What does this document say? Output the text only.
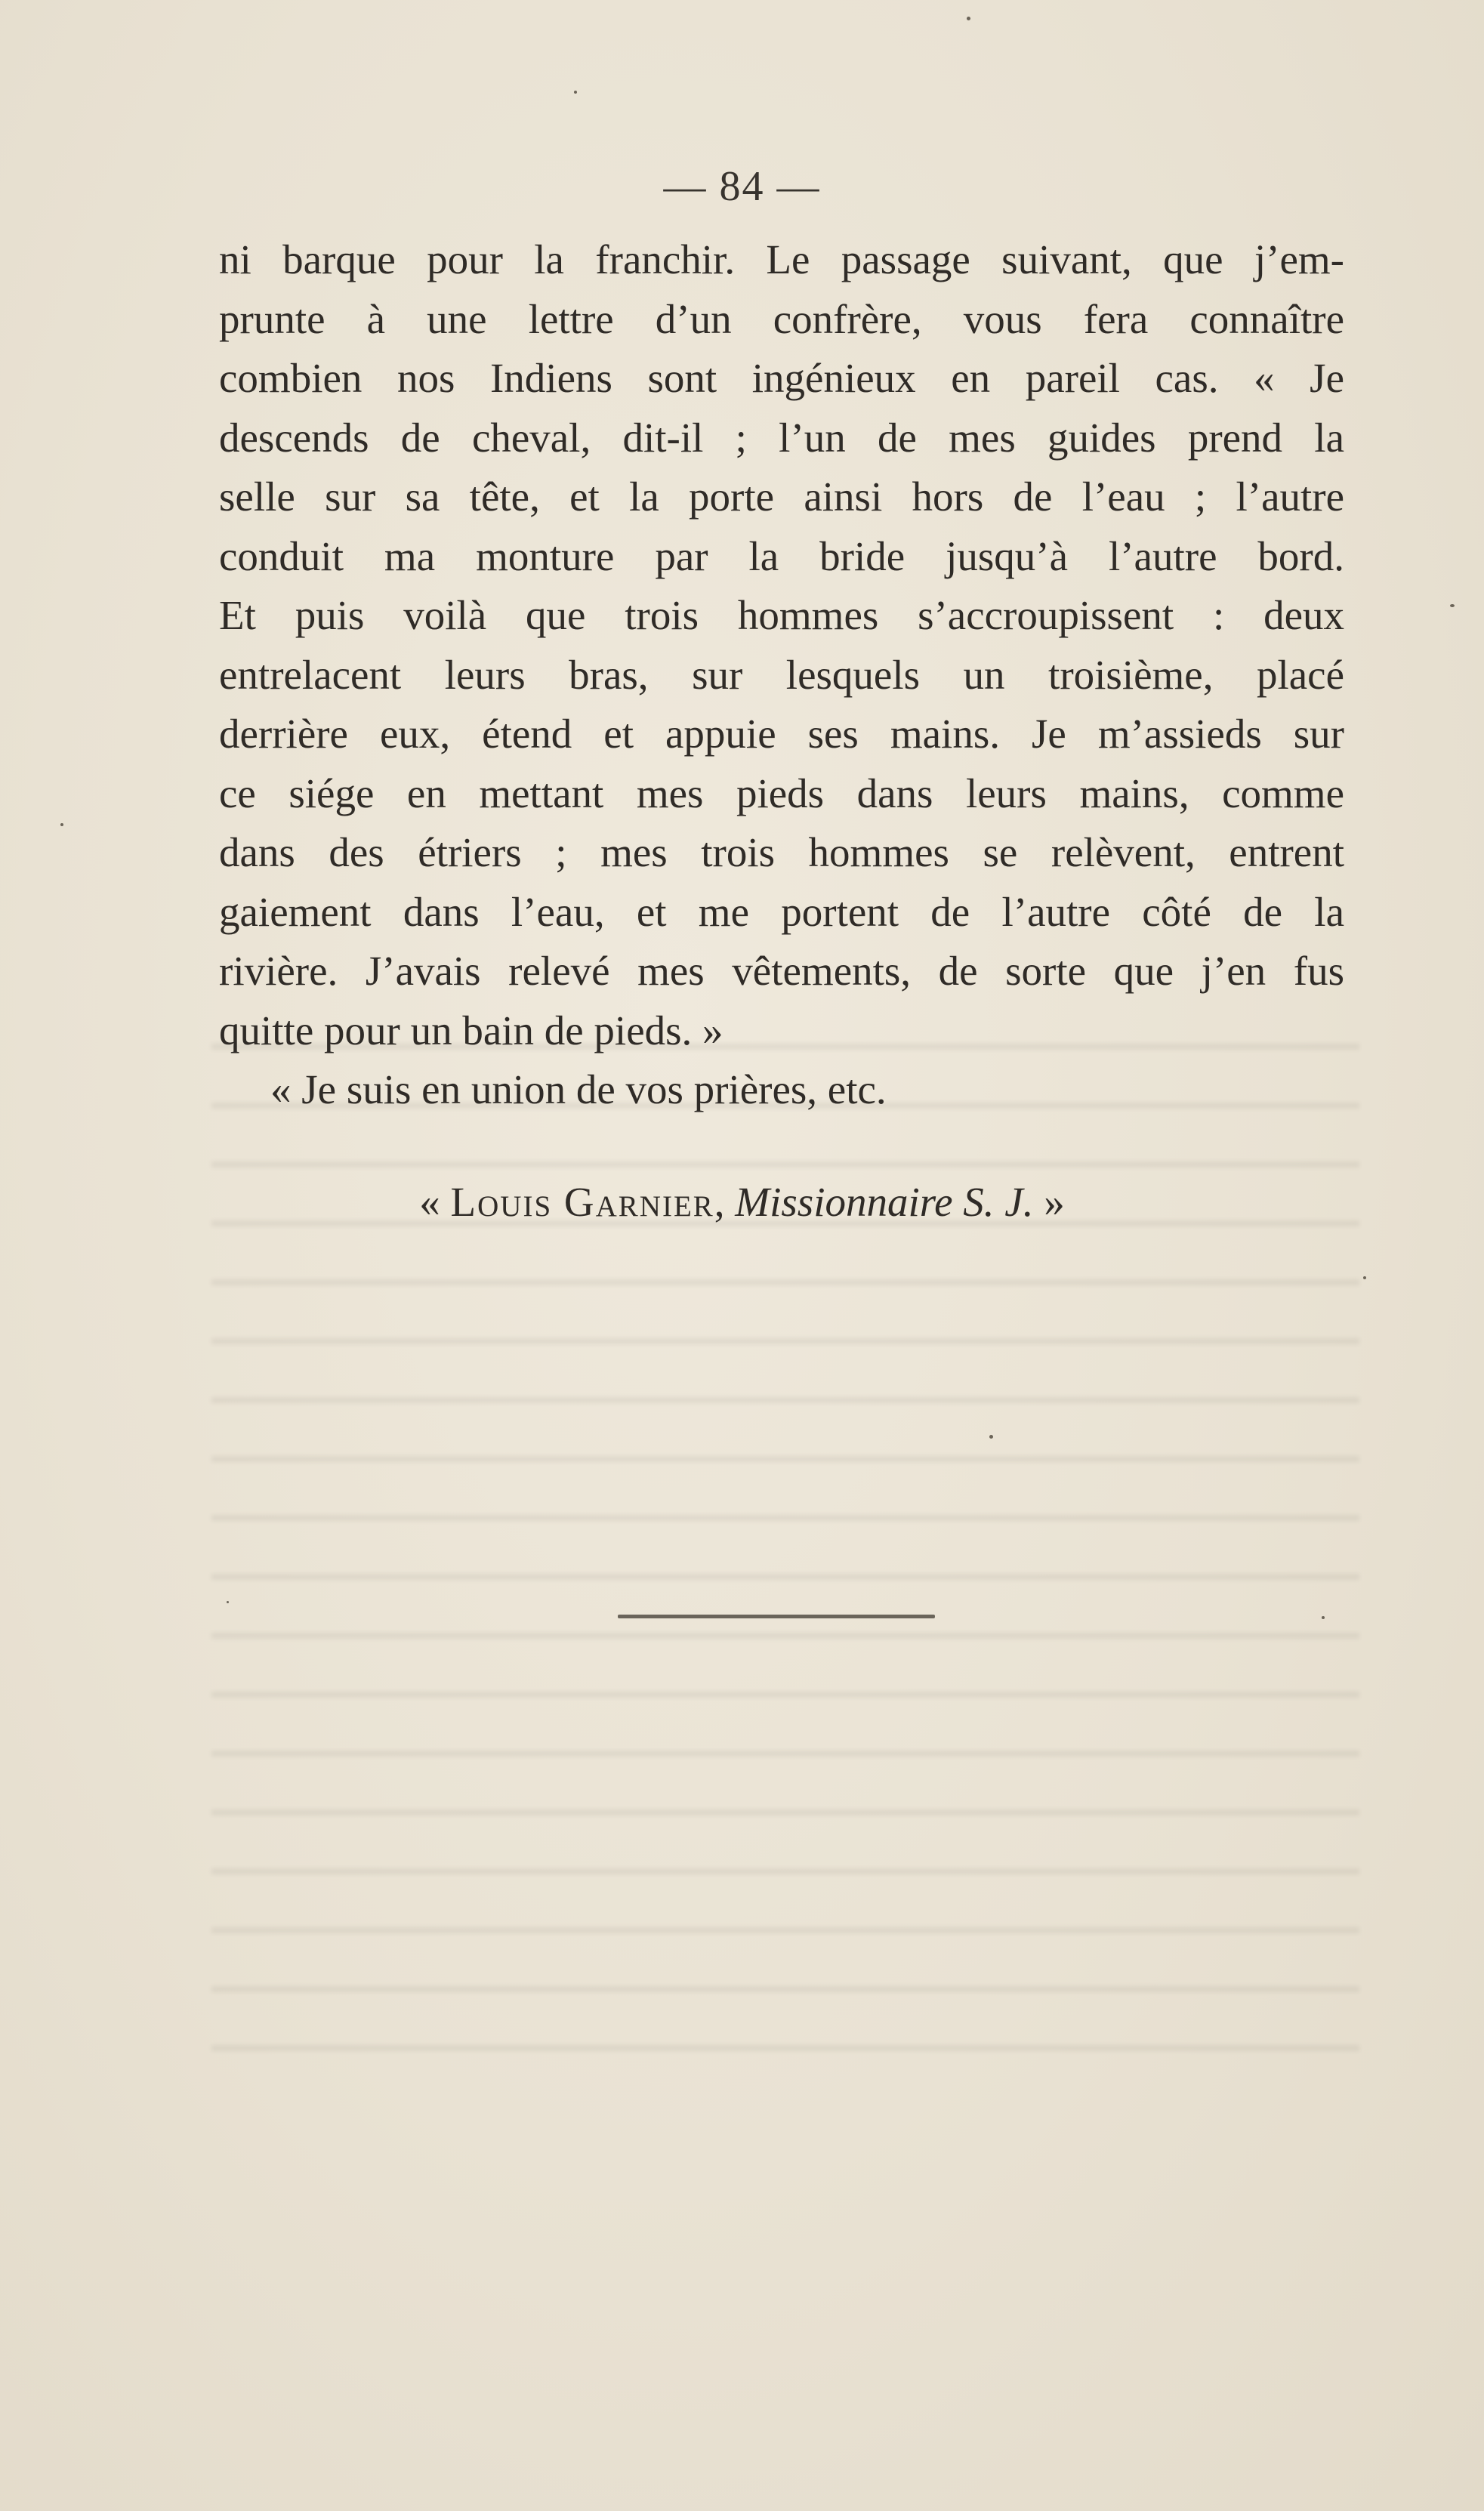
— 84 —
ni barque pour la franchir. Le passage suivant, que j’em-
prunte à une lettre d’un confrère, vous fera connaître
combien nos Indiens sont ingénieux en pareil cas. « Je
descends de cheval, dit-il ; l’un de mes guides prend la
selle sur sa tête, et la porte ainsi hors de l’eau ; l’autre
conduit ma monture par la bride jusqu’à l’autre bord.
Et puis voilà que trois hommes s’accroupissent : deux
entrelacent leurs bras, sur lesquels un troisième, placé
derrière eux, étend et appuie ses mains. Je m’assieds sur
ce siége en mettant mes pieds dans leurs mains, comme
dans des étriers ; mes trois hommes se relèvent, entrent
gaiement dans l’eau, et me portent de l’autre côté de la
rivière. J’avais relevé mes vêtements, de sorte que j’en fus
quitte pour un bain de pieds. »
« Je suis en union de vos prières, etc.
« Louis Garnier, Missionnaire S. J. »
